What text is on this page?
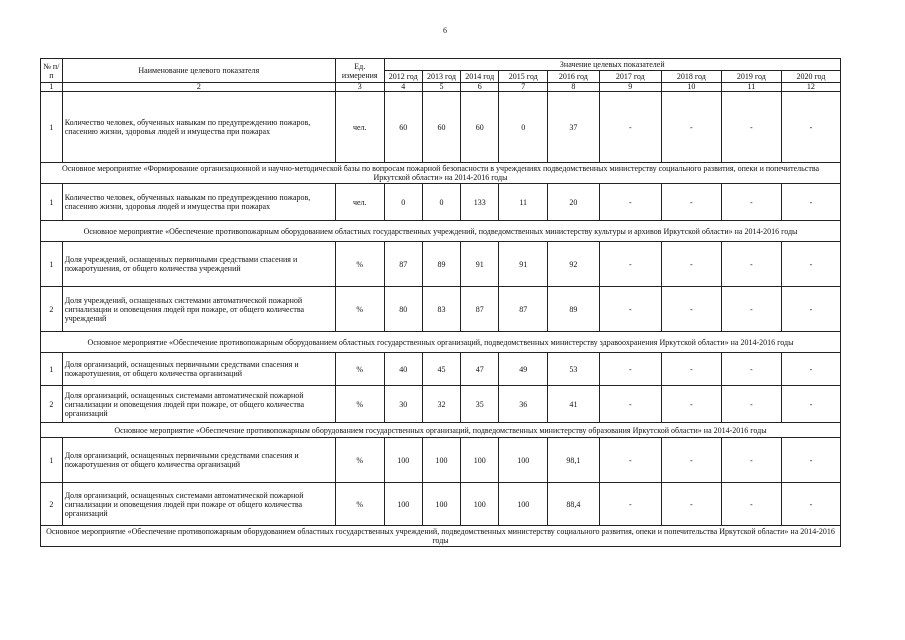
6
№ п/п	Наименование целевого показателя	Ед. измерения	Значение целевых показателей								
			2012 год	2013 год	2014 год	2015 год	2016 год	2017 год	2018 год	2019 год	2020 год
1	2	3	4	5	6	7	8	9	10	11	12
1	Количество человек, обученных навыкам по предупреждению пожаров, спасению жизни, здоровья людей и имущества при пожарах	чел.	60	60	60	0	37	-	-	-	-
Основное мероприятие «Формирование организационной и научно-методической базы по вопросам пожарной безопасности в учреждениях подведомственных министерству социального развития, опеки и попечительства Иркутской области» на 2014-2016 годы											
1	Количество человек, обученных навыкам по предупреждению пожаров, спасению жизни, здоровья людей и имущества при пожарах	чел.	0	0	133	11	20	-	-	-	-
Основное мероприятие «Обеспечение противопожарным оборудованием областных государственных учреждений, подведомственных министерству культуры и архивов Иркутской области» на 2014-2016 годы											
1	Доля учреждений, оснащенных первичными средствами спасения и пожаротушения, от общего количества учреждений	%	87	89	91	91	92	-	-	-	-
2	Доля учреждений, оснащенных системами автоматической пожарной сигнализации и оповещения людей при пожаре, от общего количества учреждений	%	80	83	87	87	89	-	-	-	-
Основное мероприятие «Обеспечение противопожарным оборудованием областных государственных организаций, подведомственных министерству здравоохранения Иркутской области» на 2014-2016 годы											
1	Доля организаций, оснащенных первичными средствами спасения и пожаротушения, от общего количества организаций	%	40	45	47	49	53	-	-	-	-
2	Доля организаций, оснащенных системами автоматической пожарной сигнализации и оповещения людей при пожаре, от общего количества организаций	%	30	32	35	36	41	-	-	-	-
Основное мероприятие «Обеспечение противопожарным оборудованием государственных организаций, подведомственных министерству образования Иркутской области» на 2014-2016 годы											
1	Доля организаций, оснащенных первичными средствами спасения и пожаротушения от общего количества организаций	%	100	100	100	100	98,1	-	-	-	-
2	Доля организаций, оснащенных системами автоматической пожарной сигнализации и оповещения людей при пожаре от общего количества организаций	%	100	100	100	100	88,4	-	-	-	-
Основное мероприятие «Обеспечение противопожарным оборудованием областных государственных учреждений, подведомственных министерству социального развития, опеки и попечительства Иркутской области» на 2014-2016 годы											
